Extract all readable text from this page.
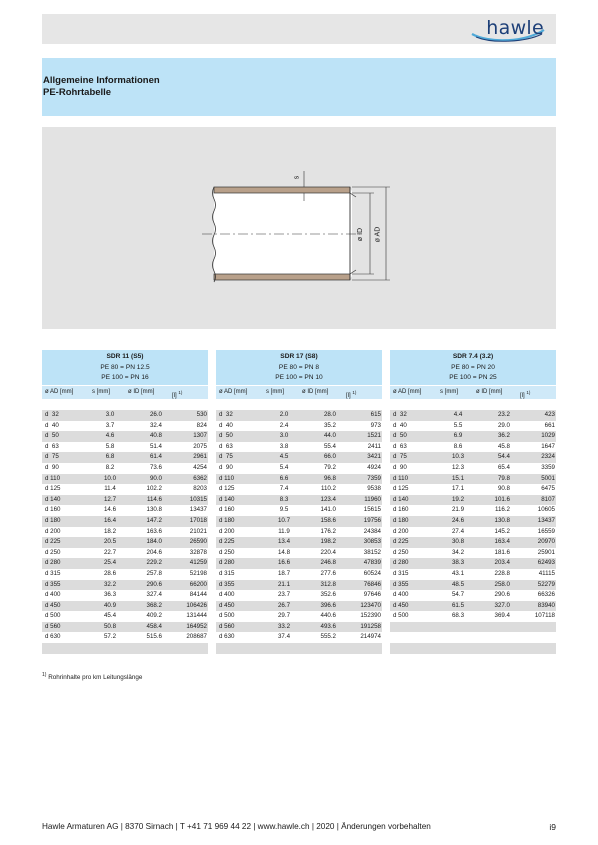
hawle
Allgemeine Informationen
PE-Rohrtabelle
s
ø ID ø AD
SDR 11 (S5)
PE 80 = PN 12.5
PE 100 = PN 16
ø AD [mm]	s [mm]	ø ID [mm]
[l] $^{1)}$
d  32	3.0	26.0	530
d  40	3.7	32.4	824
d  50	4.6	40.8	1307
d  63	5.8	51.4	2075
d  75	6.8	61.4	2961
d  90	8.2	73.6	4254
d 110	10.0	90.0	6362
d 125	11.4	102.2	8203
d 140	12.7	114.6	10315
d 160	14.6	130.8	13437
d 180	16.4	147.2	17018
d 200	18.2	163.6	21021
d 225	20.5	184.0	26590
d 250	22.7	204.6	32878
d 280	25.4	229.2	41259
d 315	28.6	257.8	52198
d 355	32.2	290.6	66200
d 400	36.3	327.4	84144
d 450	40.9	368.2	106426
d 500	45.4	409.2	131444
d 560	50.8	458.4	164952
d 630	57.2	515.6	208687
SDR 17 (S8)
PE 80 = PN 8
PE 100 = PN 10
ø AD [mm]	s [mm]	ø ID [mm]
[l] $^{1)}$
d  32	2.0	28.0	615
d  40	2.4	35.2	973
d  50	3.0	44.0	1521
d  63	3.8	55.4	2411
d  75	4.5	66.0	3421
d  90	5.4	79.2	4924
d 110	6.6	96.8	7359
d 125	7.4	110.2	9538
d 140	8.3	123.4	11960
d 160	9.5	141.0	15615
d 180	10.7	158.6	19756
d 200	11.9	176.2	24384
d 225	13.4	198.2	30853
d 250	14.8	220.4	38152
d 280	16.6	246.8	47839
d 315	18.7	277.6	60524
d 355	21.1	312.8	76846
d 400	23.7	352.6	97646
d 450	26.7	396.6	123470
d 500	29.7	440.6	152390
d 560	33.2	493.6	191258
d 630	37.4	555.2	214974
SDR 7.4 (3.2)
PE 80 = PN 20
PE 100 = PN 25
ø AD [mm]	s [mm]	ø ID [mm]
[l] $^{1)}$
d  32	4.4	23.2	423
d  40	5.5	29.0	661
d  50	6.9	36.2	1029
d  63	8.6	45.8	1647
d  75	10.3	54.4	2324
d  90	12.3	65.4	3359
d 110	15.1	79.8	5001
d 125	17.1	90.8	6475
d 140	19.2	101.6	8107
d 160	21.9	116.2	10605
d 180	24.6	130.8	13437
d 200	27.4	145.2	16559
d 225	30.8	163.4	20970
d 250	34.2	181.6	25901
d 280	38.3	203.4	62493
d 315	43.1	228.8	41115
d 355	48.5	258.0	52279
d 400	54.7	290.6	66326
d 450	61.5	327.0	83940
d 500	68.3	369.4	107118
$^{1)}$ Rohrinhalte pro km Leitungslänge
Hawle Armaturen AG | 8370 Sirnach | T +41 71 969 44 22 | www.hawle.ch | 2020 | Änderungen vorbehalten	i9
